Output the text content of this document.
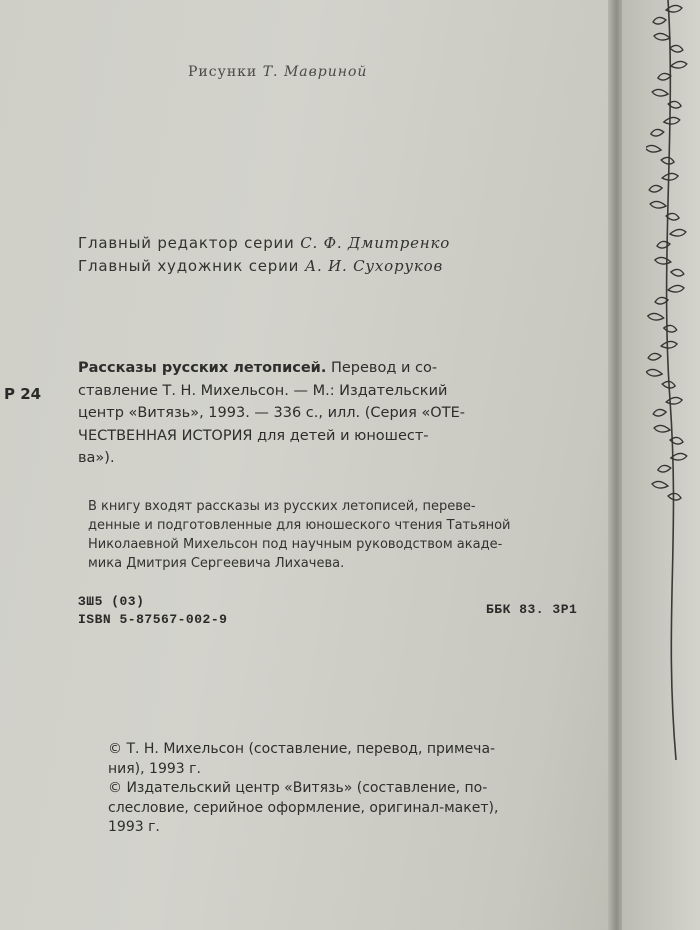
Рисунки Т. Мавриной

Главный редактор серии С. Ф. Дмитренко

Главный художник серии А. И. Сухоруков

Р 24

Рассказы русских летописей. Перевод и со-
ставление Т. Н. Михельсон. — М.: Издательский
центр «Витязь», 1993. — 336 с., илл. (Серия «ОТЕ-
ЧЕСТВЕННАЯ ИСТОРИЯ для детей и юношест-
ва»).
В книгу входят рассказы из русских летописей, переве-
денные и подготовленные для юношеского чтения Татьяной
Николаевной Михельсон под научным руководством акаде-
мика Дмитрия Сергеевича Лихачева.

ЗШ5 (03)

ISBN 5-87567-002-9

ББК 83. 3Р1

© Т. Н. Михельсон (составление, перевод, примеча-
ния), 1993 г.
© Издательский центр «Витязь» (составление, по-
слесловие, серийное оформление, оригинал-макет),
1993 г.
